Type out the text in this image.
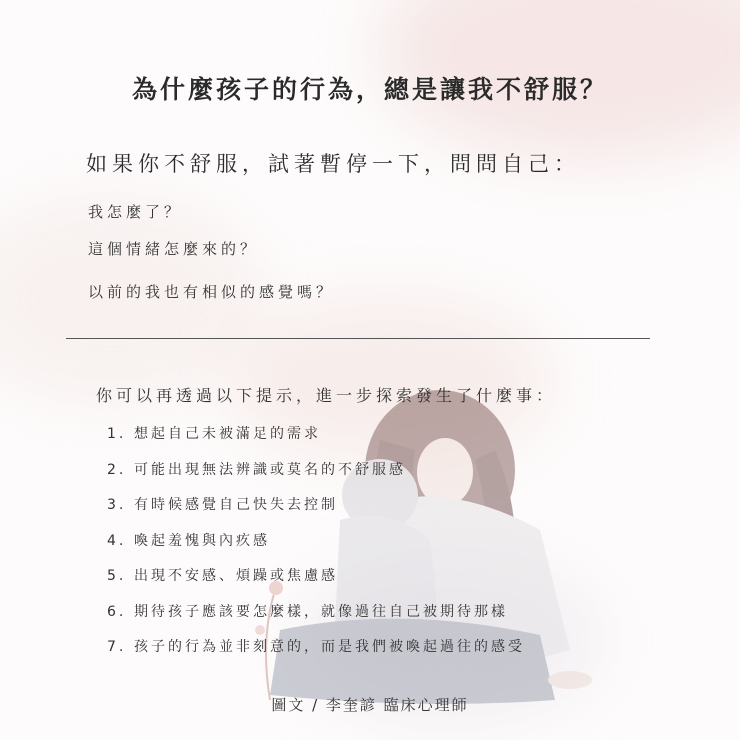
為什麼孩子的行為，總是讓我不舒服？
如果你不舒服，試著暫停一下，問問自己：
我怎麼了？
這個情緒怎麼來的？
以前的我也有相似的感覺嗎？
你可以再透過以下提示，進一步探索發生了什麼事：
1. 想起自己未被滿足的需求
2. 可能出現無法辨識或莫名的不舒服感
3. 有時候感覺自己快失去控制
4. 喚起羞愧與內疚感
5. 出現不安感、煩躁或焦慮感
6. 期待孩子應該要怎麼樣，就像過往自己被期待那樣
7. 孩子的行為並非刻意的，而是我們被喚起過往的感受
圖文 / 李奎諺 臨床心理師
